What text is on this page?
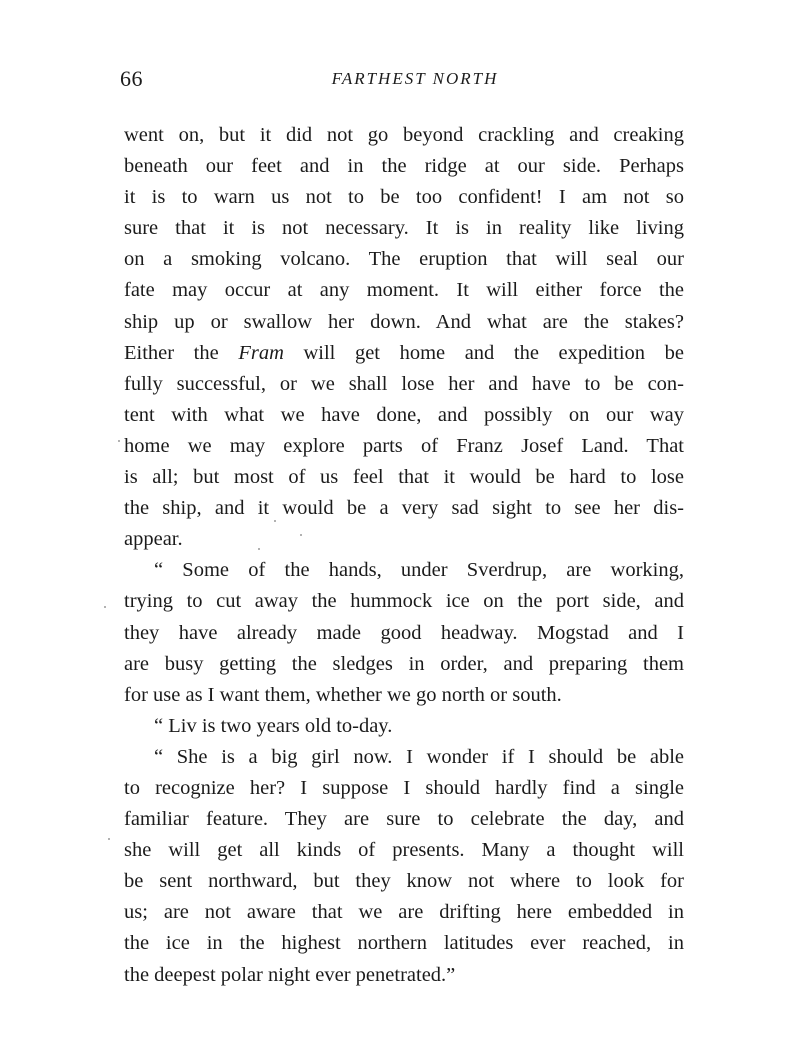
66	FARTHEST NORTH
went on, but it did not go beyond crackling and creaking
beneath our feet and in the ridge at our side. Perhaps
it is to warn us not to be too confident! I am not so
sure that it is not necessary. It is in reality like living
on a smoking volcano. The eruption that will seal our
fate may occur at any moment. It will either force the
ship up or swallow her down. And what are the stakes?
Either the Fram will get home and the expedition be
fully successful, or we shall lose her and have to be con-
tent with what we have done, and possibly on our way
home we may explore parts of Franz Josef Land. That
is all; but most of us feel that it would be hard to lose
the ship, and it would be a very sad sight to see her dis-
appear.
“ Some of the hands, under Sverdrup, are working,
trying to cut away the hummock ice on the port side, and
they have already made good headway. Mogstad and I
are busy getting the sledges in order, and preparing them
for use as I want them, whether we go north or south.
“ Liv is two years old to-day.
“ She is a big girl now. I wonder if I should be able
to recognize her? I suppose I should hardly find a single
familiar feature. They are sure to celebrate the day, and
she will get all kinds of presents. Many a thought will
be sent northward, but they know not where to look for
us; are not aware that we are drifting here embedded in
the ice in the highest northern latitudes ever reached, in
the deepest polar night ever penetrated.”
